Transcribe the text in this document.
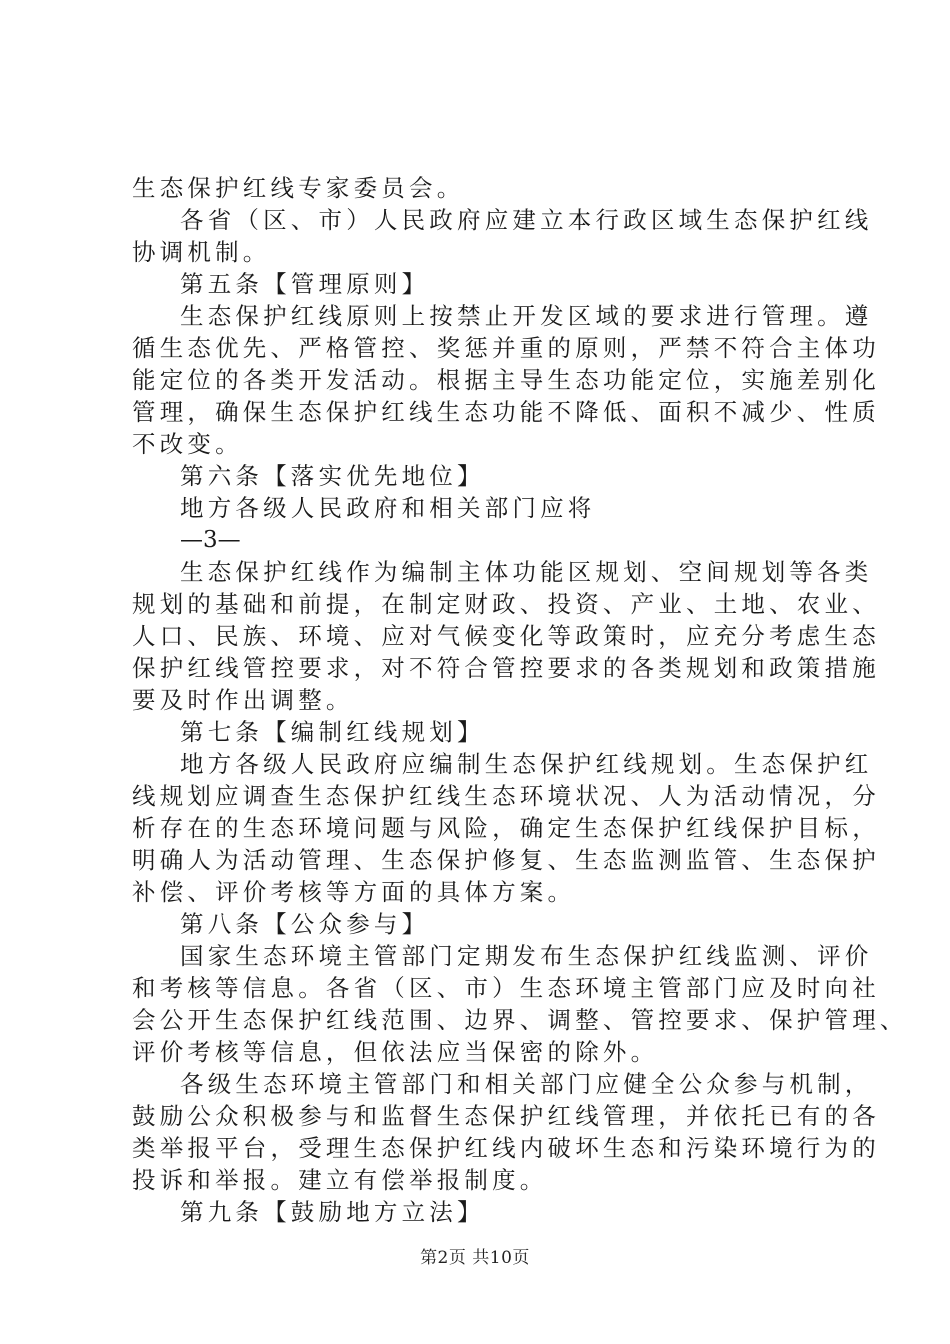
生态保护红线专家委员会。
各省（区、市）人民政府应建立本行政区域生态保护红线
协调机制。
第五条【管理原则】
生态保护红线原则上按禁止开发区域的要求进行管理。遵
循生态优先、严格管控、奖惩并重的原则，严禁不符合主体功
能定位的各类开发活动。根据主导生态功能定位，实施差别化
管理，确保生态保护红线生态功能不降低、面积不减少、性质
不改变。
第六条【落实优先地位】
地方各级人民政府和相关部门应将
—3—
生态保护红线作为编制主体功能区规划、空间规划等各类
规划的基础和前提，在制定财政、投资、产业、土地、农业、
人口、民族、环境、应对气候变化等政策时，应充分考虑生态
保护红线管控要求，对不符合管控要求的各类规划和政策措施
要及时作出调整。
第七条【编制红线规划】
地方各级人民政府应编制生态保护红线规划。生态保护红
线规划应调查生态保护红线生态环境状况、人为活动情况，分
析存在的生态环境问题与风险，确定生态保护红线保护目标，
明确人为活动管理、生态保护修复、生态监测监管、生态保护
补偿、评价考核等方面的具体方案。
第八条【公众参与】
国家生态环境主管部门定期发布生态保护红线监测、评价
和考核等信息。各省（区、市）生态环境主管部门应及时向社
会公开生态保护红线范围、边界、调整、管控要求、保护管理、
评价考核等信息，但依法应当保密的除外。
各级生态环境主管部门和相关部门应健全公众参与机制，
鼓励公众积极参与和监督生态保护红线管理，并依托已有的各
类举报平台，受理生态保护红线内破坏生态和污染环境行为的
投诉和举报。建立有偿举报制度。
第九条【鼓励地方立法】
第2页 共10页
